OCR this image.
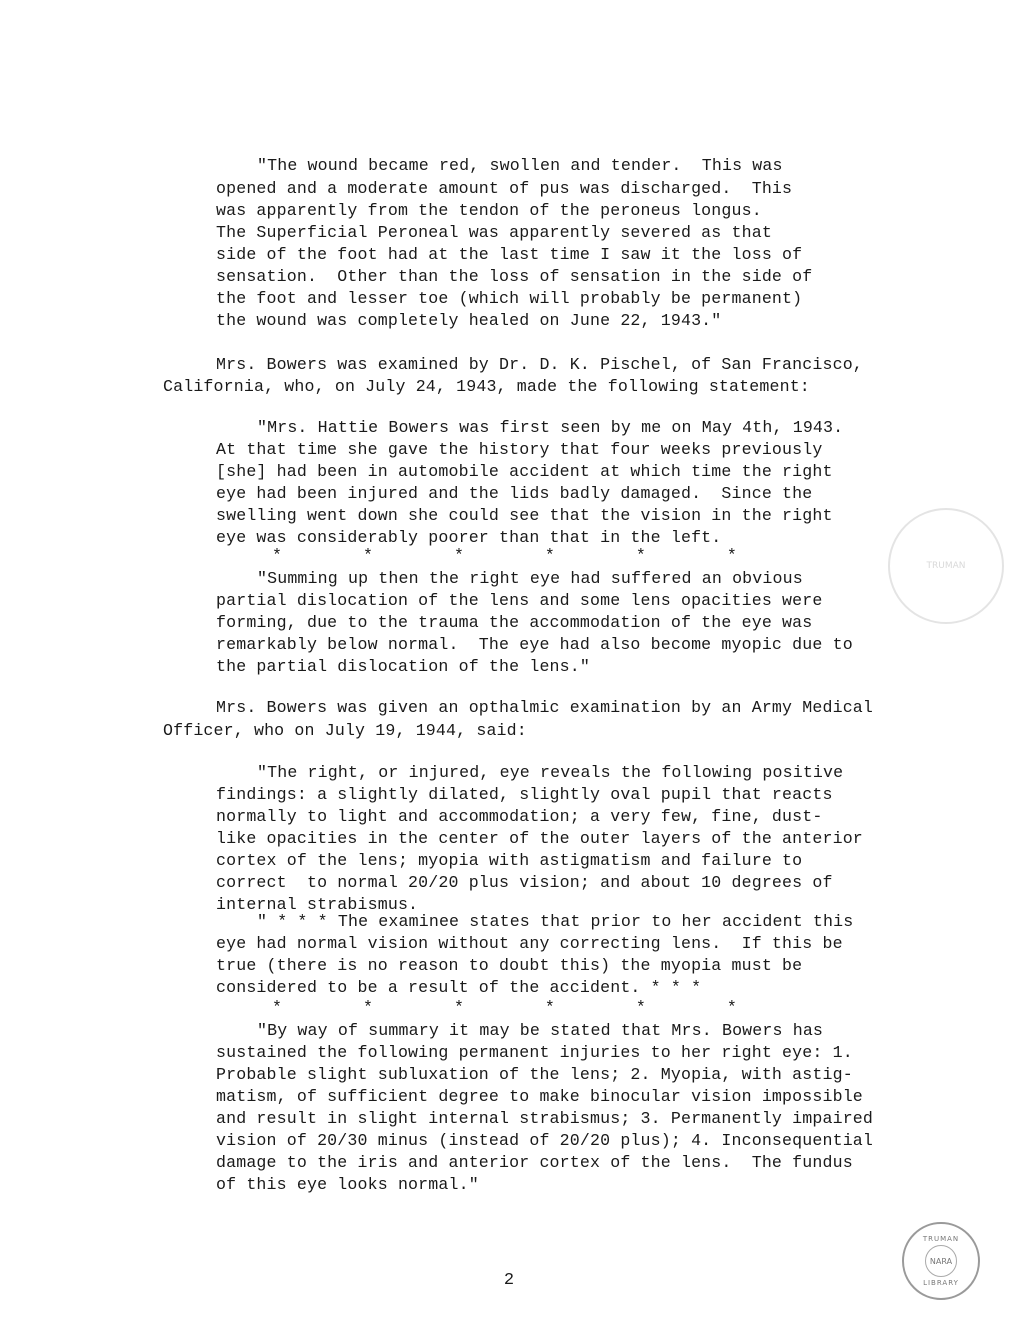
"The wound became red, swollen and tender.  This was
opened and a moderate amount of pus was discharged.  This
was apparently from the tendon of the peroneus longus.
The Superficial Peroneal was apparently severed as that
side of the foot had at the last time I saw it the loss of
sensation.  Other than the loss of sensation in the side of
the foot and lesser toe (which will probably be permanent)
the wound was completely healed on June 22, 1943."
Mrs. Bowers was examined by Dr. D. K. Pischel, of San Francisco,
California, who, on July 24, 1943, made the following statement:
"Mrs. Hattie Bowers was first seen by me on May 4th, 1943.
At that time she gave the history that four weeks previously
[she] had been in automobile accident at which time the right
eye had been injured and the lids badly damaged.  Since the
swelling went down she could see that the vision in the right
eye was considerably poorer than that in the left.
*        *        *        *        *        *
"Summing up then the right eye had suffered an obvious
partial dislocation of the lens and some lens opacities were
forming, due to the trauma the accommodation of the eye was
remarkably below normal.  The eye had also become myopic due to
the partial dislocation of the lens."
Mrs. Bowers was given an opthalmic examination by an Army Medical
Officer, who on July 19, 1944, said:
"The right, or injured, eye reveals the following positive
findings: a slightly dilated, slightly oval pupil that reacts
normally to light and accommodation; a very few, fine, dust-
like opacities in the center of the outer layers of the anterior
cortex of the lens; myopia with astigmatism and failure to
correct  to normal 20/20 plus vision; and about 10 degrees of
internal strabismus.
" * * * The examinee states that prior to her accident this
eye had normal vision without any correcting lens.  If this be
true (there is no reason to doubt this) the myopia must be
considered to be a result of the accident. * * *
*        *        *        *        *        *
"By way of summary it may be stated that Mrs. Bowers has
sustained the following permanent injuries to her right eye: 1.
Probable slight subluxation of the lens; 2. Myopia, with astig-
matism, of sufficient degree to make binocular vision impossible
and result in slight internal strabismus; 3. Permanently impaired
vision of 20/30 minus (instead of 20/20 plus); 4. Inconsequential
damage to the iris and anterior cortex of the lens.  The fundus
of this eye looks normal."
TRUMAN
2
TRUMAN
NARA
LIBRARY
